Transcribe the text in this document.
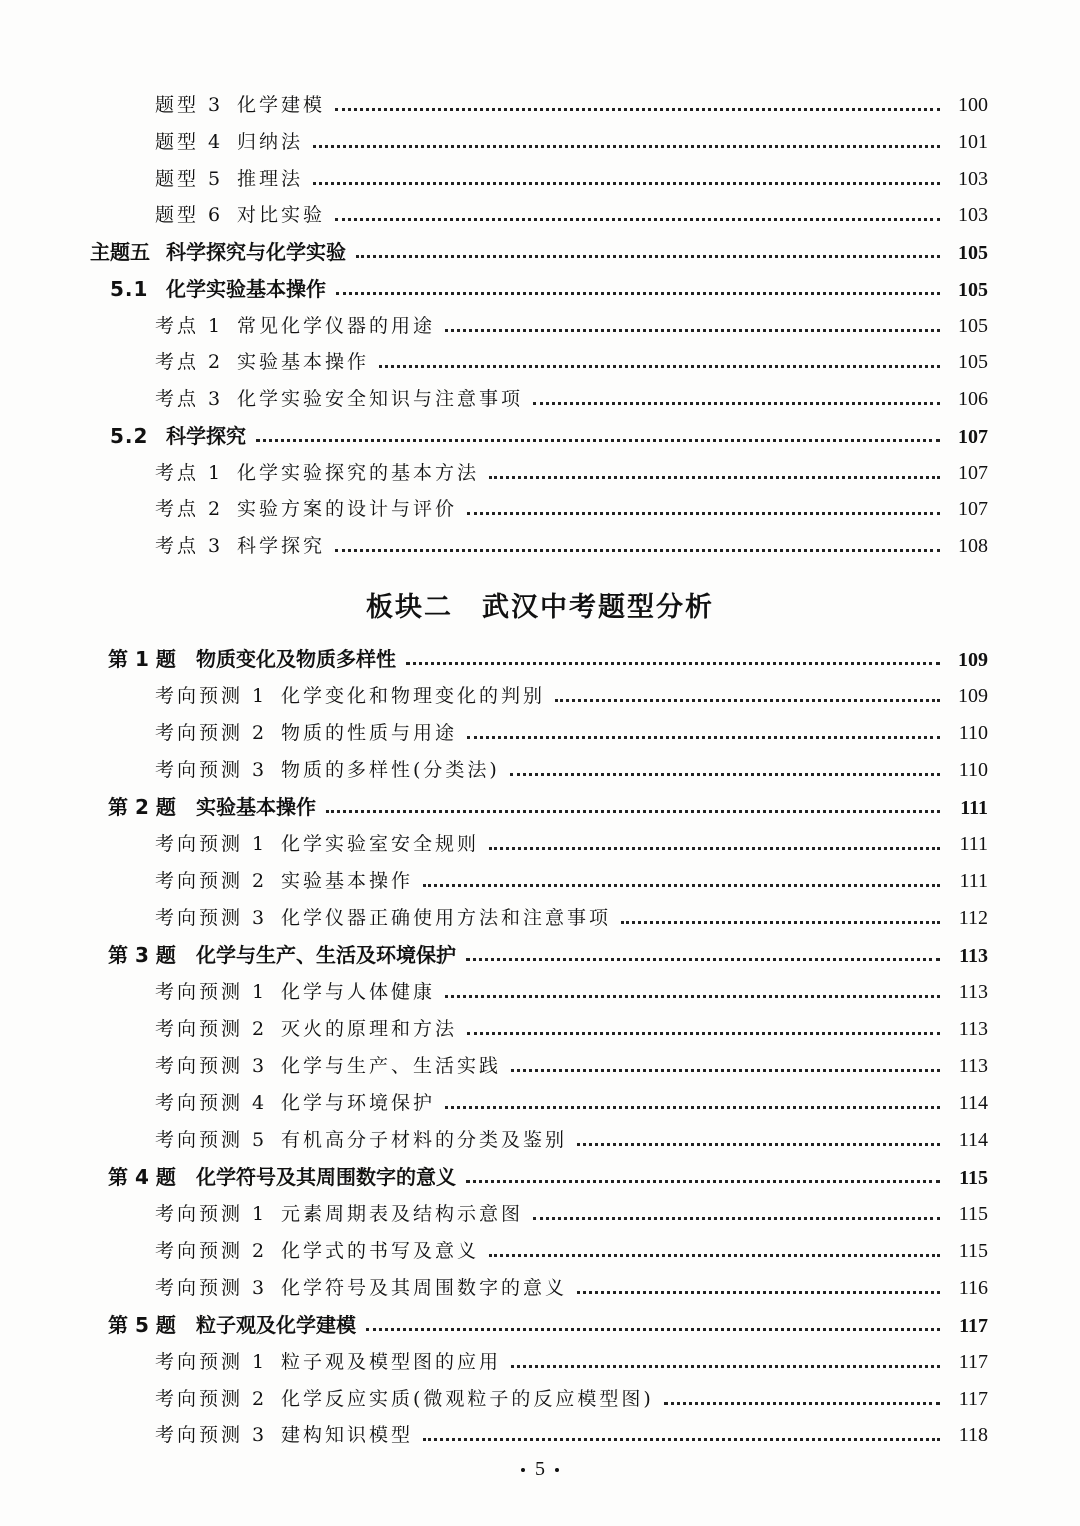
题型 3 化学建模	100
题型 4 归纳法	101
题型 5 推理法	103
题型 6 对比实验	103
主题五 科学探究与化学实验	105
5.1 化学实验基本操作	105
考点 1 常见化学仪器的用途	105
考点 2 实验基本操作	105
考点 3 化学实验安全知识与注意事项	106
5.2 科学探究	107
考点 1 化学实验探究的基本方法	107
考点 2 实验方案的设计与评价	107
考点 3 科学探究	108
板块二　武汉中考题型分析
第 1 题	物质变化及物质多样性	109
考向预测 1 化学变化和物理变化的判别	109
考向预测 2 物质的性质与用途	110
考向预测 3 物质的多样性(分类法)	110
第 2 题	实验基本操作	111
考向预测 1 化学实验室安全规则	111
考向预测 2 实验基本操作	111
考向预测 3 化学仪器正确使用方法和注意事项	112
第 3 题	化学与生产、生活及环境保护	113
考向预测 1 化学与人体健康	113
考向预测 2 灭火的原理和方法	113
考向预测 3 化学与生产、生活实践	113
考向预测 4 化学与环境保护	114
考向预测 5 有机高分子材料的分类及鉴别	114
第 4 题	化学符号及其周围数字的意义	115
考向预测 1 元素周期表及结构示意图	115
考向预测 2 化学式的书写及意义	115
考向预测 3 化学符号及其周围数字的意义	116
第 5 题	粒子观及化学建模	117
考向预测 1 粒子观及模型图的应用	117
考向预测 2 化学反应实质(微观粒子的反应模型图)	117
考向预测 3 建构知识模型	118
5
